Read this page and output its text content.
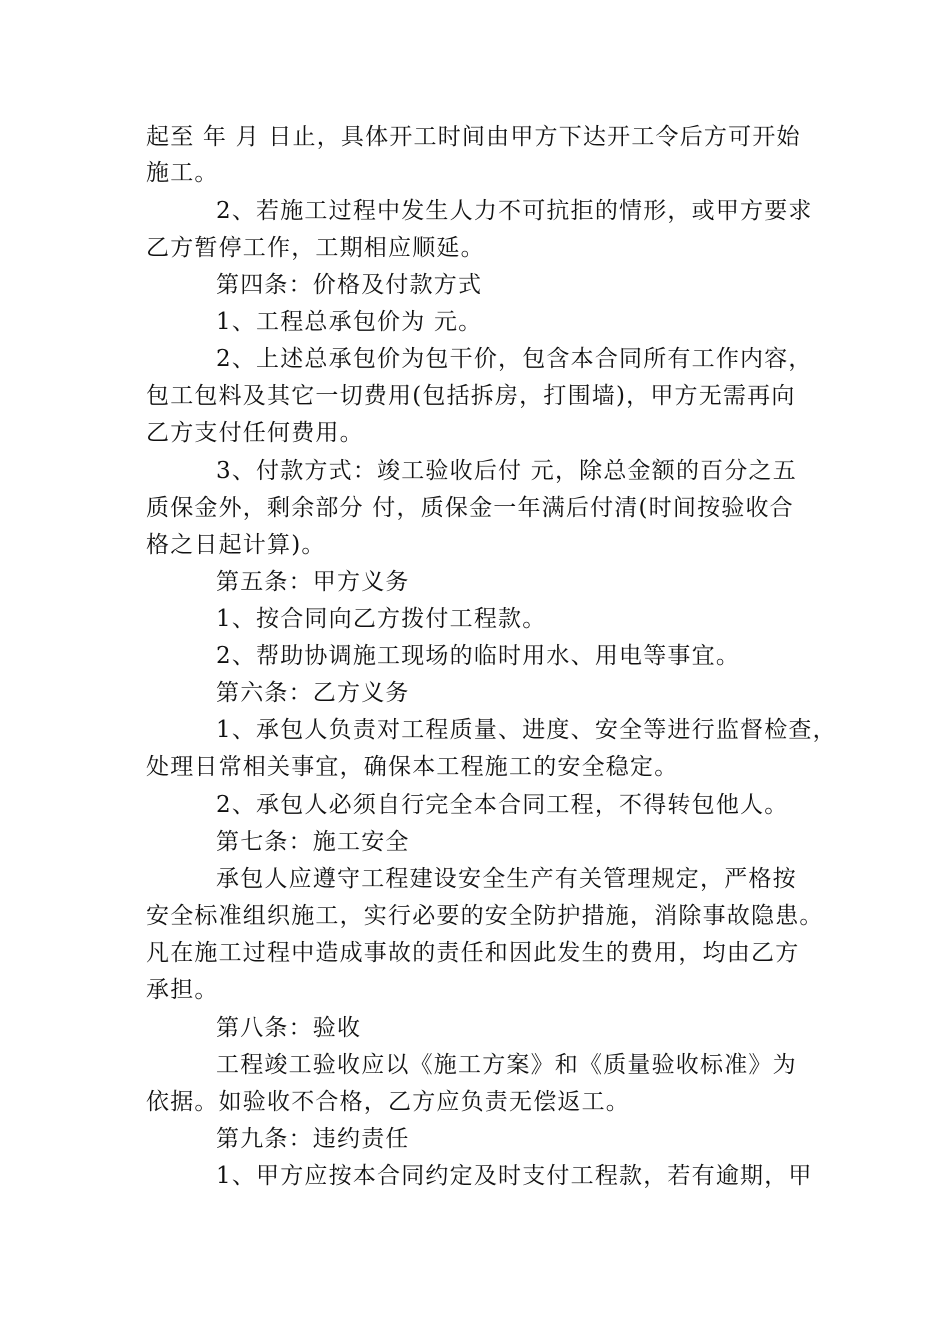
起至 年 月 日止，具体开工时间由甲方下达开工令后方可开始
施工。
2、若施工过程中发生人力不可抗拒的情形，或甲方要求
乙方暂停工作，工期相应顺延。
第四条：价格及付款方式
1、工程总承包价为 元。
2、上述总承包价为包干价，包含本合同所有工作内容，
包工包料及其它一切费用(包括拆房，打围墙)，甲方无需再向
乙方支付任何费用。
3、付款方式：竣工验收后付 元，除总金额的百分之五
质保金外，剩余部分 付，质保金一年满后付清(时间按验收合
格之日起计算)。
第五条：甲方义务
1、按合同向乙方拨付工程款。
2、帮助协调施工现场的临时用水、用电等事宜。
第六条：乙方义务
1、承包人负责对工程质量、进度、安全等进行监督检查，
处理日常相关事宜，确保本工程施工的安全稳定。
2、承包人必须自行完全本合同工程，不得转包他人。
第七条：施工安全
承包人应遵守工程建设安全生产有关管理规定，严格按
安全标准组织施工，实行必要的安全防护措施，消除事故隐患。
凡在施工过程中造成事故的责任和因此发生的费用，均由乙方
承担。
第八条：验收
工程竣工验收应以《施工方案》和《质量验收标准》为
依据。如验收不合格，乙方应负责无偿返工。
第九条：违约责任
1、甲方应按本合同约定及时支付工程款，若有逾期，甲
